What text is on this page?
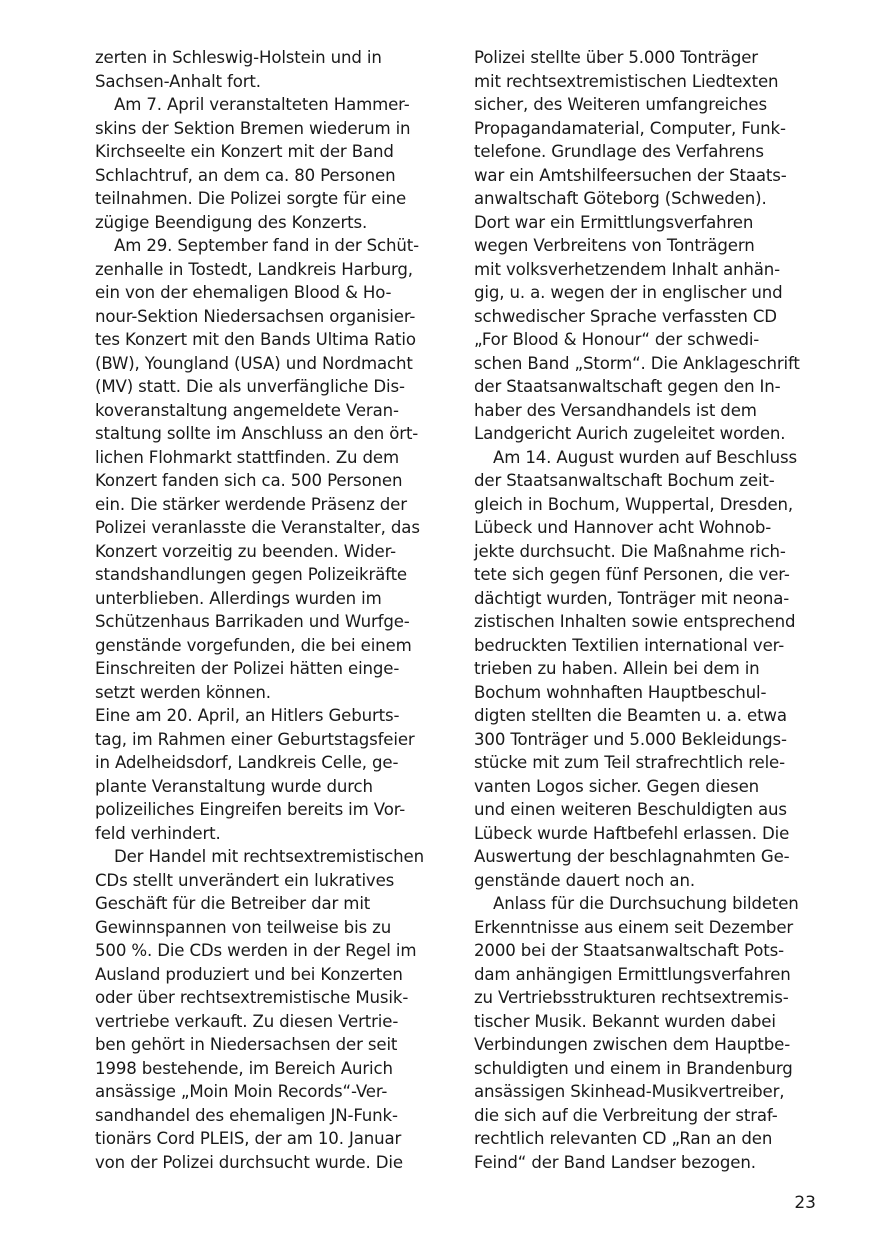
zerten in Schleswig-Holstein und in
Sachsen-Anhalt fort.
Am 7. April veranstalteten Hammer-
skins der Sektion Bremen wiederum in
Kirchseelte ein Konzert mit der Band
Schlachtruf, an dem ca. 80 Personen
teilnahmen. Die Polizei sorgte für eine
zügige Beendigung des Konzerts.
Am 29. September fand in der Schüt-
zenhalle in Tostedt, Landkreis Harburg,
ein von der ehemaligen Blood & Ho-
nour-Sektion Niedersachsen organisier-
tes Konzert mit den Bands Ultima Ratio
(BW), Youngland (USA) und Nordmacht
(MV) statt. Die als unverfängliche Dis-
koveranstaltung angemeldete Veran-
staltung sollte im Anschluss an den ört-
lichen Flohmarkt stattfinden. Zu dem
Konzert fanden sich ca. 500 Personen
ein. Die stärker werdende Präsenz der
Polizei veranlasste die Veranstalter, das
Konzert vorzeitig zu beenden. Wider-
standshandlungen gegen Polizeikräfte
unterblieben. Allerdings wurden im
Schützenhaus Barrikaden und Wurfge-
genstände vorgefunden, die bei einem
Einschreiten der Polizei hätten einge-
setzt werden können.
Eine am 20. April, an Hitlers Geburts-
tag, im Rahmen einer Geburtstagsfeier
in Adelheidsdorf, Landkreis Celle, ge-
plante Veranstaltung wurde durch
polizeiliches Eingreifen bereits im Vor-
feld verhindert.
Der Handel mit rechtsextremistischen
CDs stellt unverändert ein lukratives
Geschäft für die Betreiber dar mit
Gewinnspannen von teilweise bis zu
500 %. Die CDs werden in der Regel im
Ausland produziert und bei Konzerten
oder über rechtsextremistische Musik-
vertriebe verkauft. Zu diesen Vertrie-
ben gehört in Niedersachsen der seit
1998 bestehende, im Bereich Aurich
ansässige „Moin Moin Records“-Ver-
sandhandel des ehemaligen JN-Funk-
tionärs Cord PLEIS, der am 10. Januar
von der Polizei durchsucht wurde. Die
Polizei stellte über 5.000 Tonträger
mit rechtsextremistischen Liedtexten
sicher, des Weiteren umfangreiches
Propagandamaterial, Computer, Funk-
telefone. Grundlage des Verfahrens
war ein Amtshilfeersuchen der Staats-
anwaltschaft Göteborg (Schweden).
Dort war ein Ermittlungsverfahren
wegen Verbreitens von Tonträgern
mit volksverhetzendem Inhalt anhän-
gig, u. a. wegen der in englischer und
schwedischer Sprache verfassten CD
„For Blood & Honour“ der schwedi-
schen Band „Storm“. Die Anklageschrift
der Staatsanwaltschaft gegen den In-
haber des Versandhandels ist dem
Landgericht Aurich zugeleitet worden.
Am 14. August wurden auf Beschluss
der Staatsanwaltschaft Bochum zeit-
gleich in Bochum, Wuppertal, Dresden,
Lübeck und Hannover acht Wohnob-
jekte durchsucht. Die Maßnahme rich-
tete sich gegen fünf Personen, die ver-
dächtigt wurden, Tonträger mit neona-
zistischen Inhalten sowie entsprechend
bedruckten Textilien international ver-
trieben zu haben. Allein bei dem in
Bochum wohnhaften Hauptbeschul-
digten stellten die Beamten u. a. etwa
300 Tonträger und 5.000 Bekleidungs-
stücke mit zum Teil strafrechtlich rele-
vanten Logos sicher. Gegen diesen
und einen weiteren Beschuldigten aus
Lübeck wurde Haftbefehl erlassen. Die
Auswertung der beschlagnahmten Ge-
genstände dauert noch an.
Anlass für die Durchsuchung bildeten
Erkenntnisse aus einem seit Dezember
2000 bei der Staatsanwaltschaft Pots-
dam anhängigen Ermittlungsverfahren
zu Vertriebsstrukturen rechtsextremis-
tischer Musik. Bekannt wurden dabei
Verbindungen zwischen dem Hauptbe-
schuldigten und einem in Brandenburg
ansässigen Skinhead-Musikvertreiber,
die sich auf die Verbreitung der straf-
rechtlich relevanten CD „Ran an den
Feind“ der Band Landser bezogen.
23
